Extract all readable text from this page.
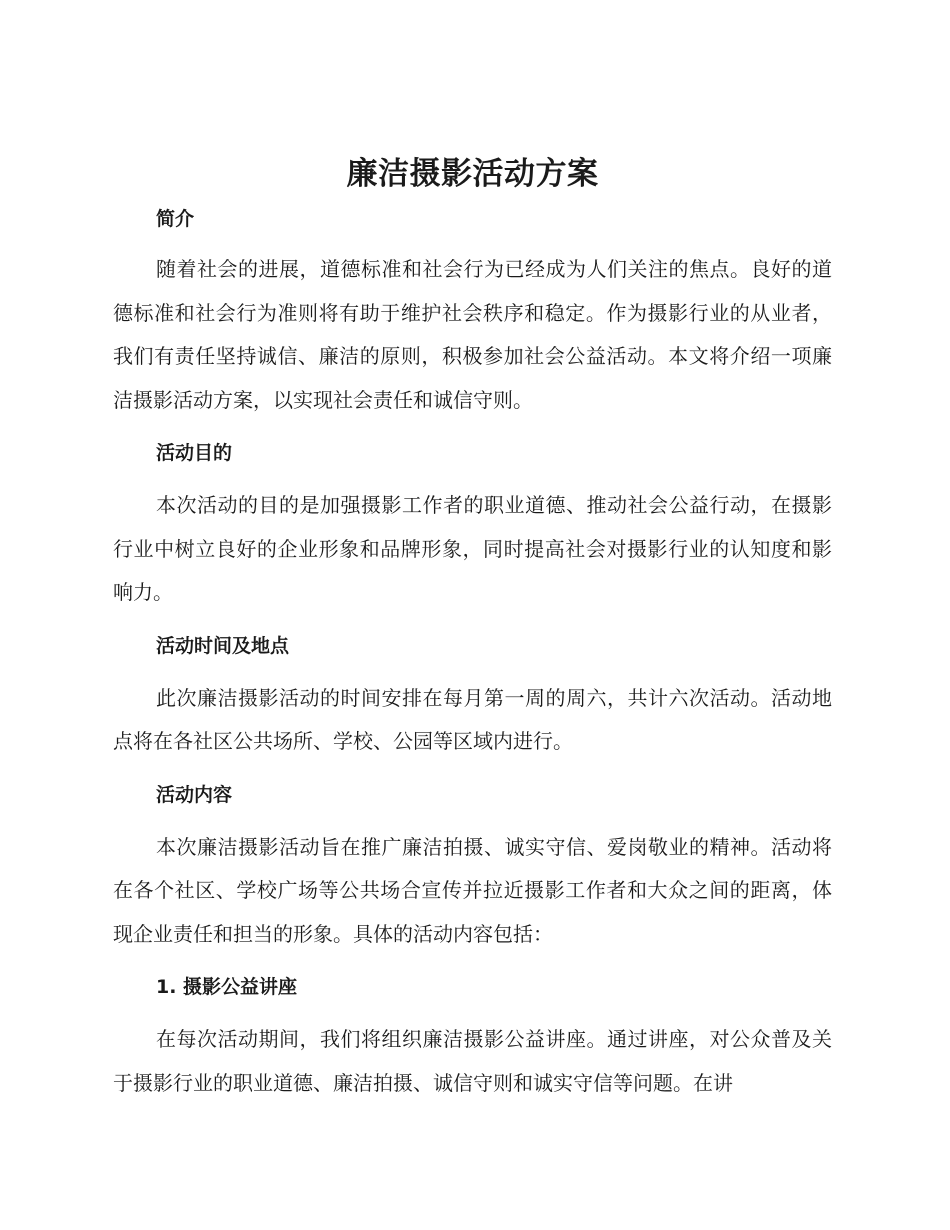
廉洁摄影活动方案
简介

随着社会的进展，道德标准和社会行为已经成为人们关注的焦点。良好的道德标准和社会行为准则将有助于维护社会秩序和稳定。作为摄影行业的从业者，我们有责任坚持诚信、廉洁的原则，积极参加社会公益活动。本文将介绍一项廉洁摄影活动方案，以实现社会责任和诚信守则。

活动目的

本次活动的目的是加强摄影工作者的职业道德、推动社会公益行动，在摄影行业中树立良好的企业形象和品牌形象，同时提高社会对摄影行业的认知度和影响力。

活动时间及地点

此次廉洁摄影活动的时间安排在每月第一周的周六，共计六次活动。活动地点将在各社区公共场所、学校、公园等区域内进行。

活动内容

本次廉洁摄影活动旨在推广廉洁拍摄、诚实守信、爱岗敬业的精神。活动将在各个社区、学校广场等公共场合宣传并拉近摄影工作者和大众之间的距离，体现企业责任和担当的形象。具体的活动内容包括：

1. 摄影公益讲座

在每次活动期间，我们将组织廉洁摄影公益讲座。通过讲座，对公众普及关于摄影行业的职业道德、廉洁拍摄、诚信守则和诚实守信等问题。在讲
